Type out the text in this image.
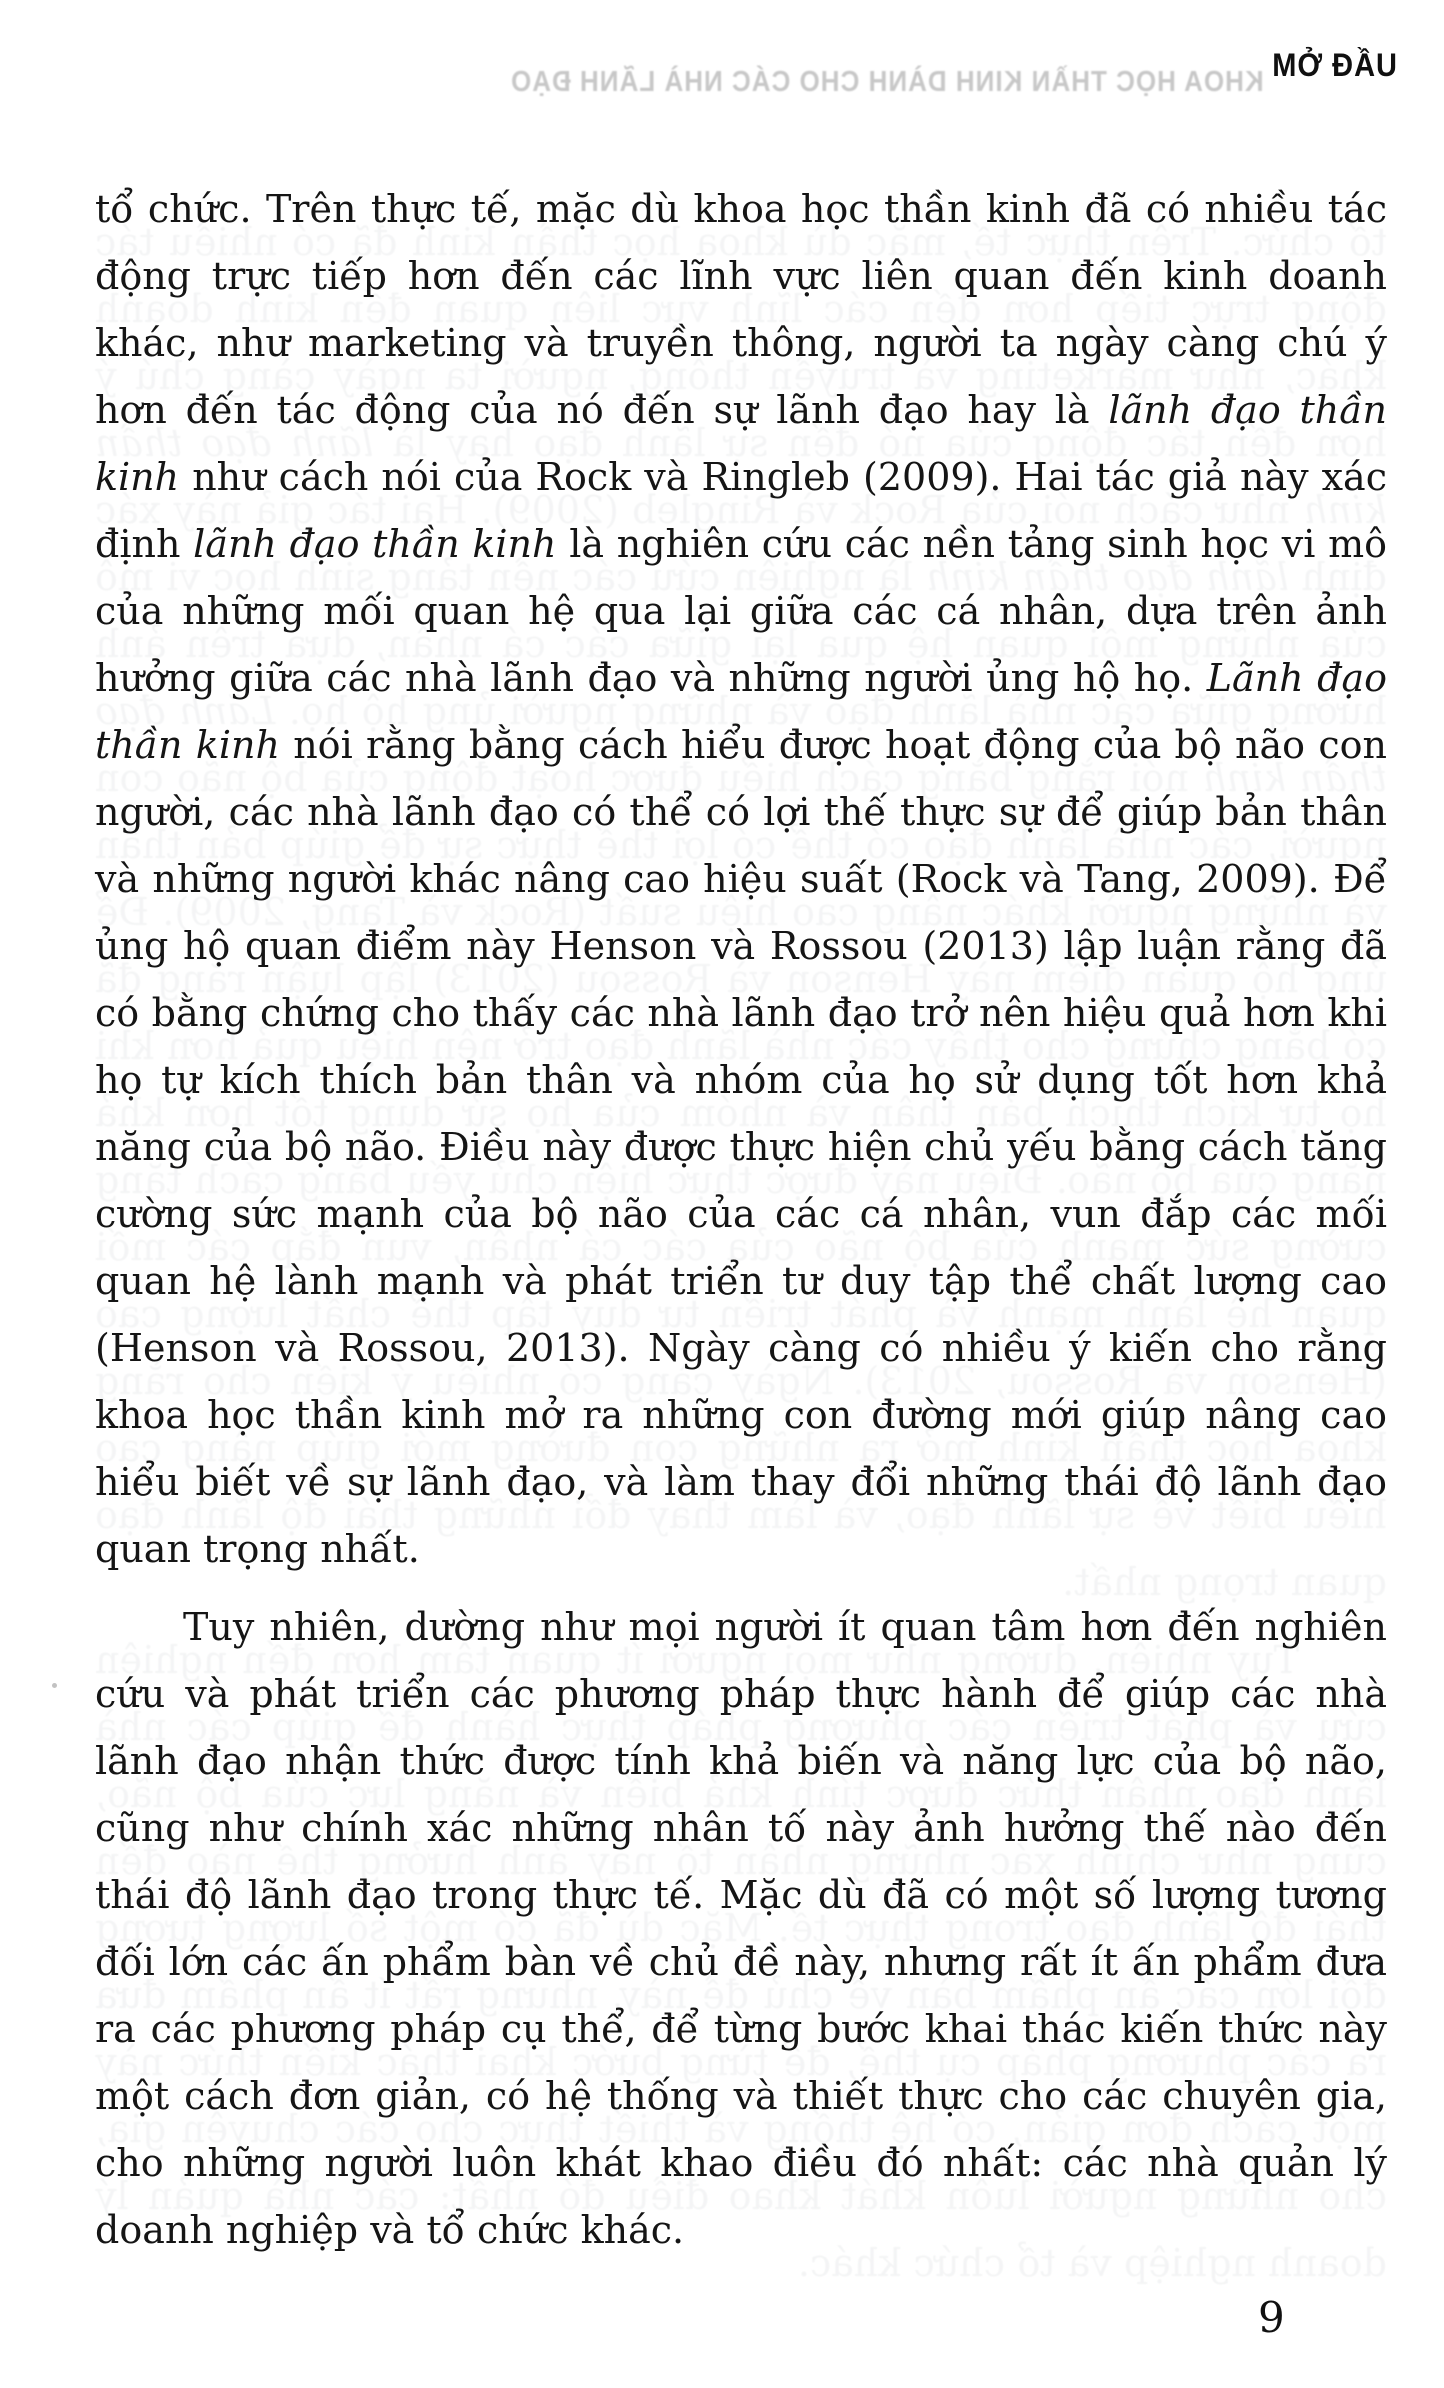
KHOA HỌC THẦN KINH DÀNH CHO CÁC NHÀ LÃNH ĐẠO MỞ ĐẦU

tổ chức. Trên thực tế, mặc dù khoa học thần kinh đã có nhiều tác động trực tiếp hơn đến các lĩnh vực liên quan đến kinh doanh khác, như marketing và truyền thông, người ta ngày càng chú ý hơn đến tác động của nó đến sự lãnh đạo hay là lãnh đạo thần kinh như cách nói của Rock và Ringleb (2009). Hai tác giả này xác định lãnh đạo thần kinh là nghiên cứu các nền tảng sinh học vi mô của những mối quan hệ qua lại giữa các cá nhân, dựa trên ảnh hưởng giữa các nhà lãnh đạo và những người ủng hộ họ. Lãnh đạo thần kinh nói rằng bằng cách hiểu được hoạt động của bộ não con người, các nhà lãnh đạo có thể có lợi thế thực sự để giúp bản thân và những người khác nâng cao hiệu suất (Rock và Tang, 2009). Để ủng hộ quan điểm này Henson và Rossou (2013) lập luận rằng đã có bằng chứng cho thấy các nhà lãnh đạo trở nên hiệu quả hơn khi họ tự kích thích bản thân và nhóm của họ sử dụng tốt hơn khả năng của bộ não. Điều này được thực hiện chủ yếu bằng cách tăng cường sức mạnh của bộ não của các cá nhân, vun đắp các mối quan hệ lành mạnh và phát triển tư duy tập thể chất lượng cao (Henson và Rossou, 2013). Ngày càng có nhiều ý kiến cho rằng khoa học thần kinh mở ra những con đường mới giúp nâng cao hiểu biết về sự lãnh đạo, và làm thay đổi những thái độ lãnh đạo quan trọng nhất.

Tuy nhiên, dường như mọi người ít quan tâm hơn đến nghiên cứu và phát triển các phương pháp thực hành để giúp các nhà lãnh đạo nhận thức được tính khả biến và năng lực của bộ não, cũng như chính xác những nhân tố này ảnh hưởng thế nào đến thái độ lãnh đạo trong thực tế. Mặc dù đã có một số lượng tương đối lớn các ấn phẩm bàn về chủ đề này, nhưng rất ít ấn phẩm đưa ra các phương pháp cụ thể, để từng bước khai thác kiến thức này một cách đơn giản, có hệ thống và thiết thực cho các chuyên gia, cho những người luôn khát khao điều đó nhất: các nhà quản lý doanh nghiệp và tổ chức khác.

tổ chức. Trên thực tế, mặc dù khoa học thần kinh đã có nhiều tác động trực tiếp hơn đến các lĩnh vực liên quan đến kinh doanh khác, như marketing và truyền thông, người ta ngày càng chú ý hơn đến tác động của nó đến sự lãnh đạo hay là lãnh đạo thần kinh như cách nói của Rock và Ringleb (2009). Hai tác giả này xác định lãnh đạo thần kinh là nghiên cứu các nền tảng sinh học vi mô của những mối quan hệ qua lại giữa các cá nhân, dựa trên ảnh hưởng giữa các nhà lãnh đạo và những người ủng hộ họ. Lãnh đạo thần kinh nói rằng bằng cách hiểu được hoạt động của bộ não con người, các nhà lãnh đạo có thể có lợi thế thực sự để giúp bản thân và những người khác nâng cao hiệu suất (Rock và Tang, 2009). Để ủng hộ quan điểm này Henson và Rossou (2013) lập luận rằng đã có bằng chứng cho thấy các nhà lãnh đạo trở nên hiệu quả hơn khi họ tự kích thích bản thân và nhóm của họ sử dụng tốt hơn khả năng của bộ não. Điều này được thực hiện chủ yếu bằng cách tăng cường sức mạnh của bộ não của các cá nhân, vun đắp các mối quan hệ lành mạnh và phát triển tư duy tập thể chất lượng cao (Henson và Rossou, 2013). Ngày càng có nhiều ý kiến cho rằng khoa học thần kinh mở ra những con đường mới giúp nâng cao hiểu biết về sự lãnh đạo, và làm thay đổi những thái độ lãnh đạo quan trọng nhất.

Tuy nhiên, dường như mọi người ít quan tâm hơn đến nghiên cứu và phát triển các phương pháp thực hành để giúp các nhà lãnh đạo nhận thức được tính khả biến và năng lực của bộ não, cũng như chính xác những nhân tố này ảnh hưởng thế nào đến thái độ lãnh đạo trong thực tế. Mặc dù đã có một số lượng tương đối lớn các ấn phẩm bàn về chủ đề này, nhưng rất ít ấn phẩm đưa ra các phương pháp cụ thể, để từng bước khai thác kiến thức này một cách đơn giản, có hệ thống và thiết thực cho các chuyên gia, cho những người luôn khát khao điều đó nhất: các nhà quản lý doanh nghiệp và tổ chức khác.

9
